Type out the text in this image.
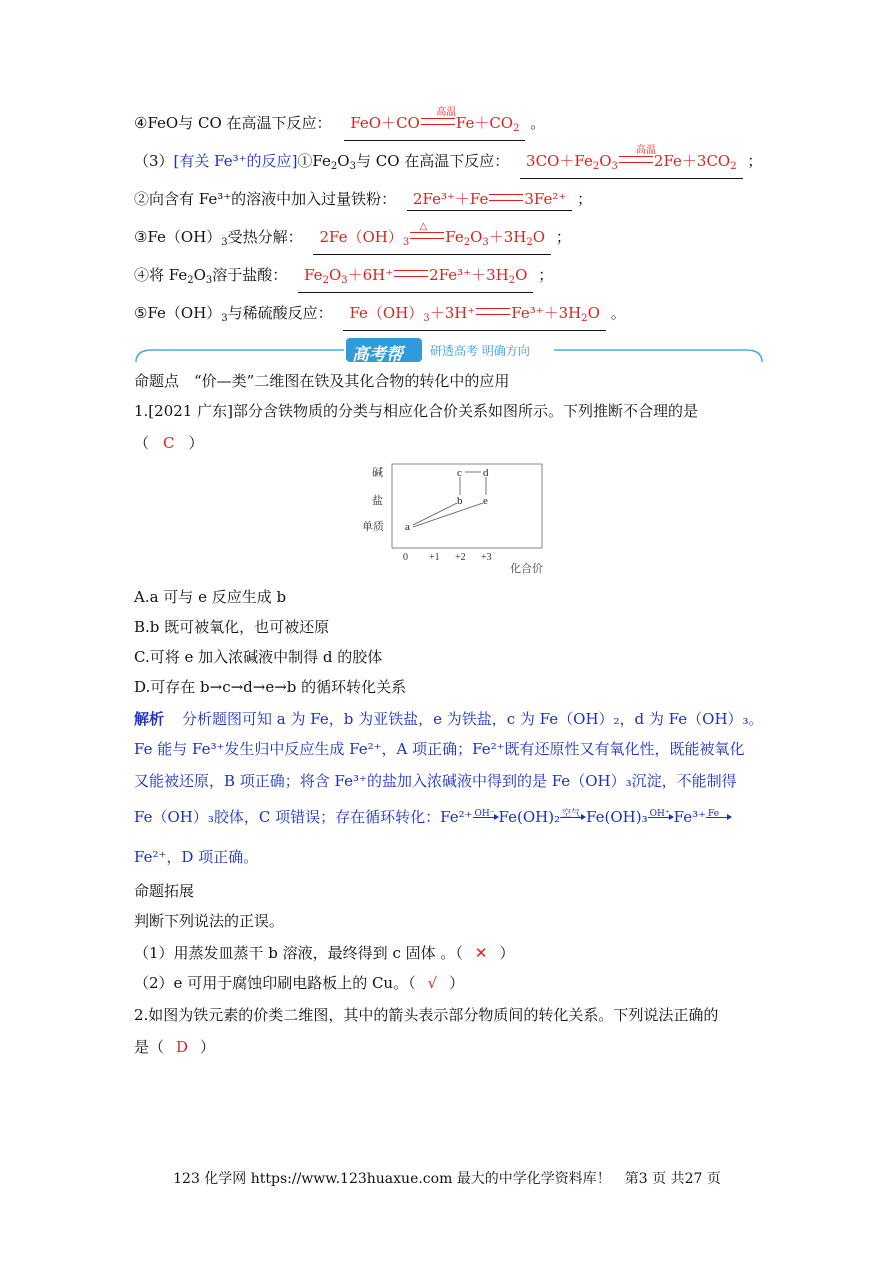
④FeO与 CO 在高温下反应： FeO＋CO
高温
$Fe+CO_2$ 。
（3）[有关 Fe³⁺的反应]$①Fe_2O_3$与 CO 在高温下反应： $3CO+Fe_2O_3$
高温
$2Fe+3CO_2$ ；
②向含有 Fe³⁺的溶液中加入过量铁粉： 2Fe³⁺＋Fe 3Fe²⁺ ；
$③Fe(OH)_3$受热分解： $2Fe(OH)_3$
△
$Fe_2O_3+3H_2O$ ；
④将 $Fe_2O_3$溶于盐酸： $Fe_2O_3+6H^+$ $2Fe^{3+}+3H_2O$ ；
$⑤Fe(OH)_3$与稀硫酸反应： $Fe(OH)_3+3H^+$ $Fe^{3+}+3H_2O$ 。
高考帮 研透高考 明确方向
命题点　“价—类”二维图在铁及其化合物的转化中的应用
1.[2021 广东]部分含铁物质的分类与相应化合价关系如图所示。下列推断不合理的是
（ C ）
碱
盐
单质
0 +1 +2 +3
a
b
c d
e
化合价
A.a 可与 e 反应生成 b
B.b 既可被氧化，也可被还原
C.可将 e 加入浓碱液中制得 d 的胶体
D.可存在 b→c→d→e→b 的循环转化关系
解析 分析题图可知 a 为 Fe，b 为亚铁盐，e 为铁盐，c 为 Fe（OH）₂，d 为 Fe（OH）₃。
Fe 能与 Fe³⁺发生归中反应生成 Fe²⁺，A 项正确；Fe²⁺既有还原性又有氧化性，既能被氧化
又能被还原，B 项正确；将含 Fe³⁺的盐加入浓碱液中得到的是 Fe（OH）₃沉淀，不能制得
Fe（OH）₃胶体，C 项错误；存在循环转化：Fe²⁺ OH⁻ Fe(OH)₂ 空气 Fe(OH)₃ OH⁺ Fe³⁺ Fe
Fe²⁺，D 项正确。
命题拓展
判断下列说法的正误。
（1）用蒸发皿蒸干 b 溶液，最终得到 c 固体 。（ ✕ ）
（2）e 可用于腐蚀印刷电路板上的 Cu。（ √ ）
2.如图为铁元素的价类二维图，其中的箭头表示部分物质间的转化关系。下列说法正确的
是（ D ）
123 化学网 https://www.123huaxue.com 最大的中学化学资料库！　第3 页 共27 页
